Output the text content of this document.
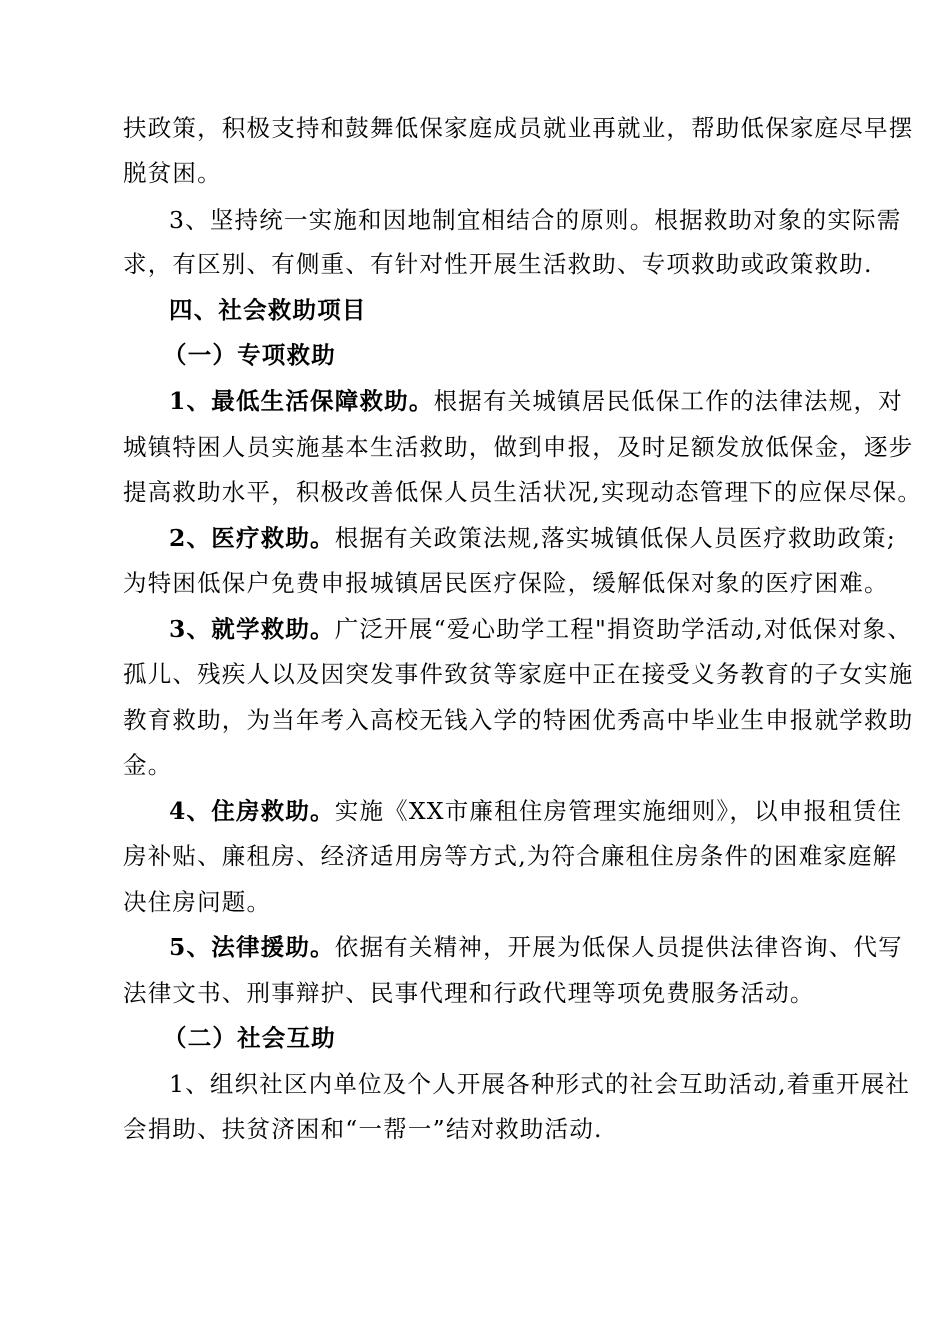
扶政策，积极支持和鼓舞低保家庭成员就业再就业，帮助低保家庭尽早摆
脱贫困。
3、坚持统一实施和因地制宜相结合的原则。根据救助对象的实际需
求，有区别、有侧重、有针对性开展生活救助、专项救助或政策救助.
四、社会救助项目
（一）专项救助
1、最低生活保障救助。根据有关城镇居民低保工作的法律法规，对
城镇特困人员实施基本生活救助，做到申报，及时足额发放低保金，逐步
提高救助水平，积极改善低保人员生活状况,实现动态管理下的应保尽保。
2、医疗救助。根据有关政策法规,落实城镇低保人员医疗救助政策;
为特困低保户免费申报城镇居民医疗保险，缓解低保对象的医疗困难。
3、就学救助。广泛开展“爱心助学工程"捐资助学活动,对低保对象、
孤儿、残疾人以及因突发事件致贫等家庭中正在接受义务教育的子女实施
教育救助，为当年考入高校无钱入学的特困优秀高中毕业生申报就学救助
金。
4、住房救助。实施《XX市廉租住房管理实施细则》，以申报租赁住
房补贴、廉租房、经济适用房等方式,为符合廉租住房条件的困难家庭解
决住房问题。
5、法律援助。依据有关精神，开展为低保人员提供法律咨询、代写
法律文书、刑事辩护、民事代理和行政代理等项免费服务活动。
（二）社会互助
1、组织社区内单位及个人开展各种形式的社会互助活动,着重开展社
会捐助、扶贫济困和“一帮一”结对救助活动.
